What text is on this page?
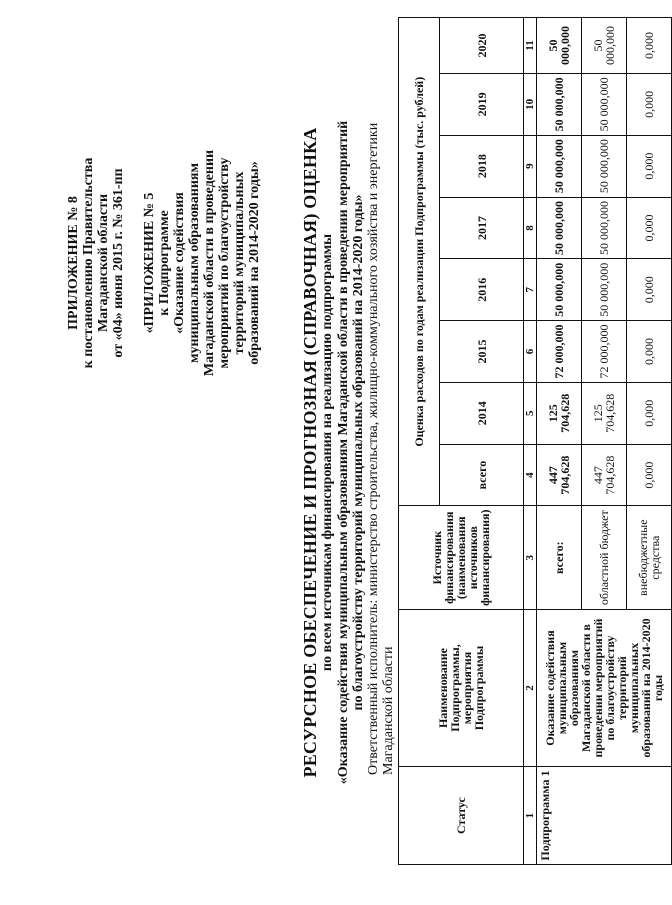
ПРИЛОЖЕНИЕ № 8 к постановлению Правительства Магаданской области от «04» июня 2015 г. № 361-пп «ПРИЛОЖЕНИЕ № 5 к Подпрограмме «Оказание содействия муниципальным образованиям Магаданской области в проведении мероприятий по благоустройству территорий муниципальных образований на 2014-2020 годы» РЕСУРСНОЕ ОБЕСПЕЧЕНИЕ И ПРОГНОЗНАЯ (СПРАВОЧНАЯ) ОЦЕНКА по всем источникам финансирования на реализацию подпрограммы «Оказание содействия муниципальным образованиям Магаданской области в проведении мероприятий по благоустройству территорий муниципальных образований на 2014-2020 годы» Ответственный исполнитель: министерство строительства, жилищно-коммунального хозяйства и энергетики Магаданской области
Статус	Наименование Подпрограммы, мероприятия Подпрограммы	Источник финансирования (наименования источников финансирования)	Оценка расходов по годам реализации Подпрограммы (тыс. рублей)							
			всего	2014	2015	2016	2017	2018	2019	2020
1	2	3	4	5	6	7	8	9	10	11
Подпрограмма 1	Оказание содействия муниципальным образованиям Магаданской области в проведении мероприятий по благоустройству территорий муниципальных образований на 2014-2020 годы	всего:	447 704,628	125 704,628	72 000,000	50 000,000	50 000,000	50 000,000	50 000,000	50 000,000
		областной бюджет	447 704,628	125 704,628	72 000,000	50 000,000	50 000,000	50 000,000	50 000,000	50 000,000
		внебюджетные средства	0,000	0,000	0,000	0,000	0,000	0,000	0,000	0,000
